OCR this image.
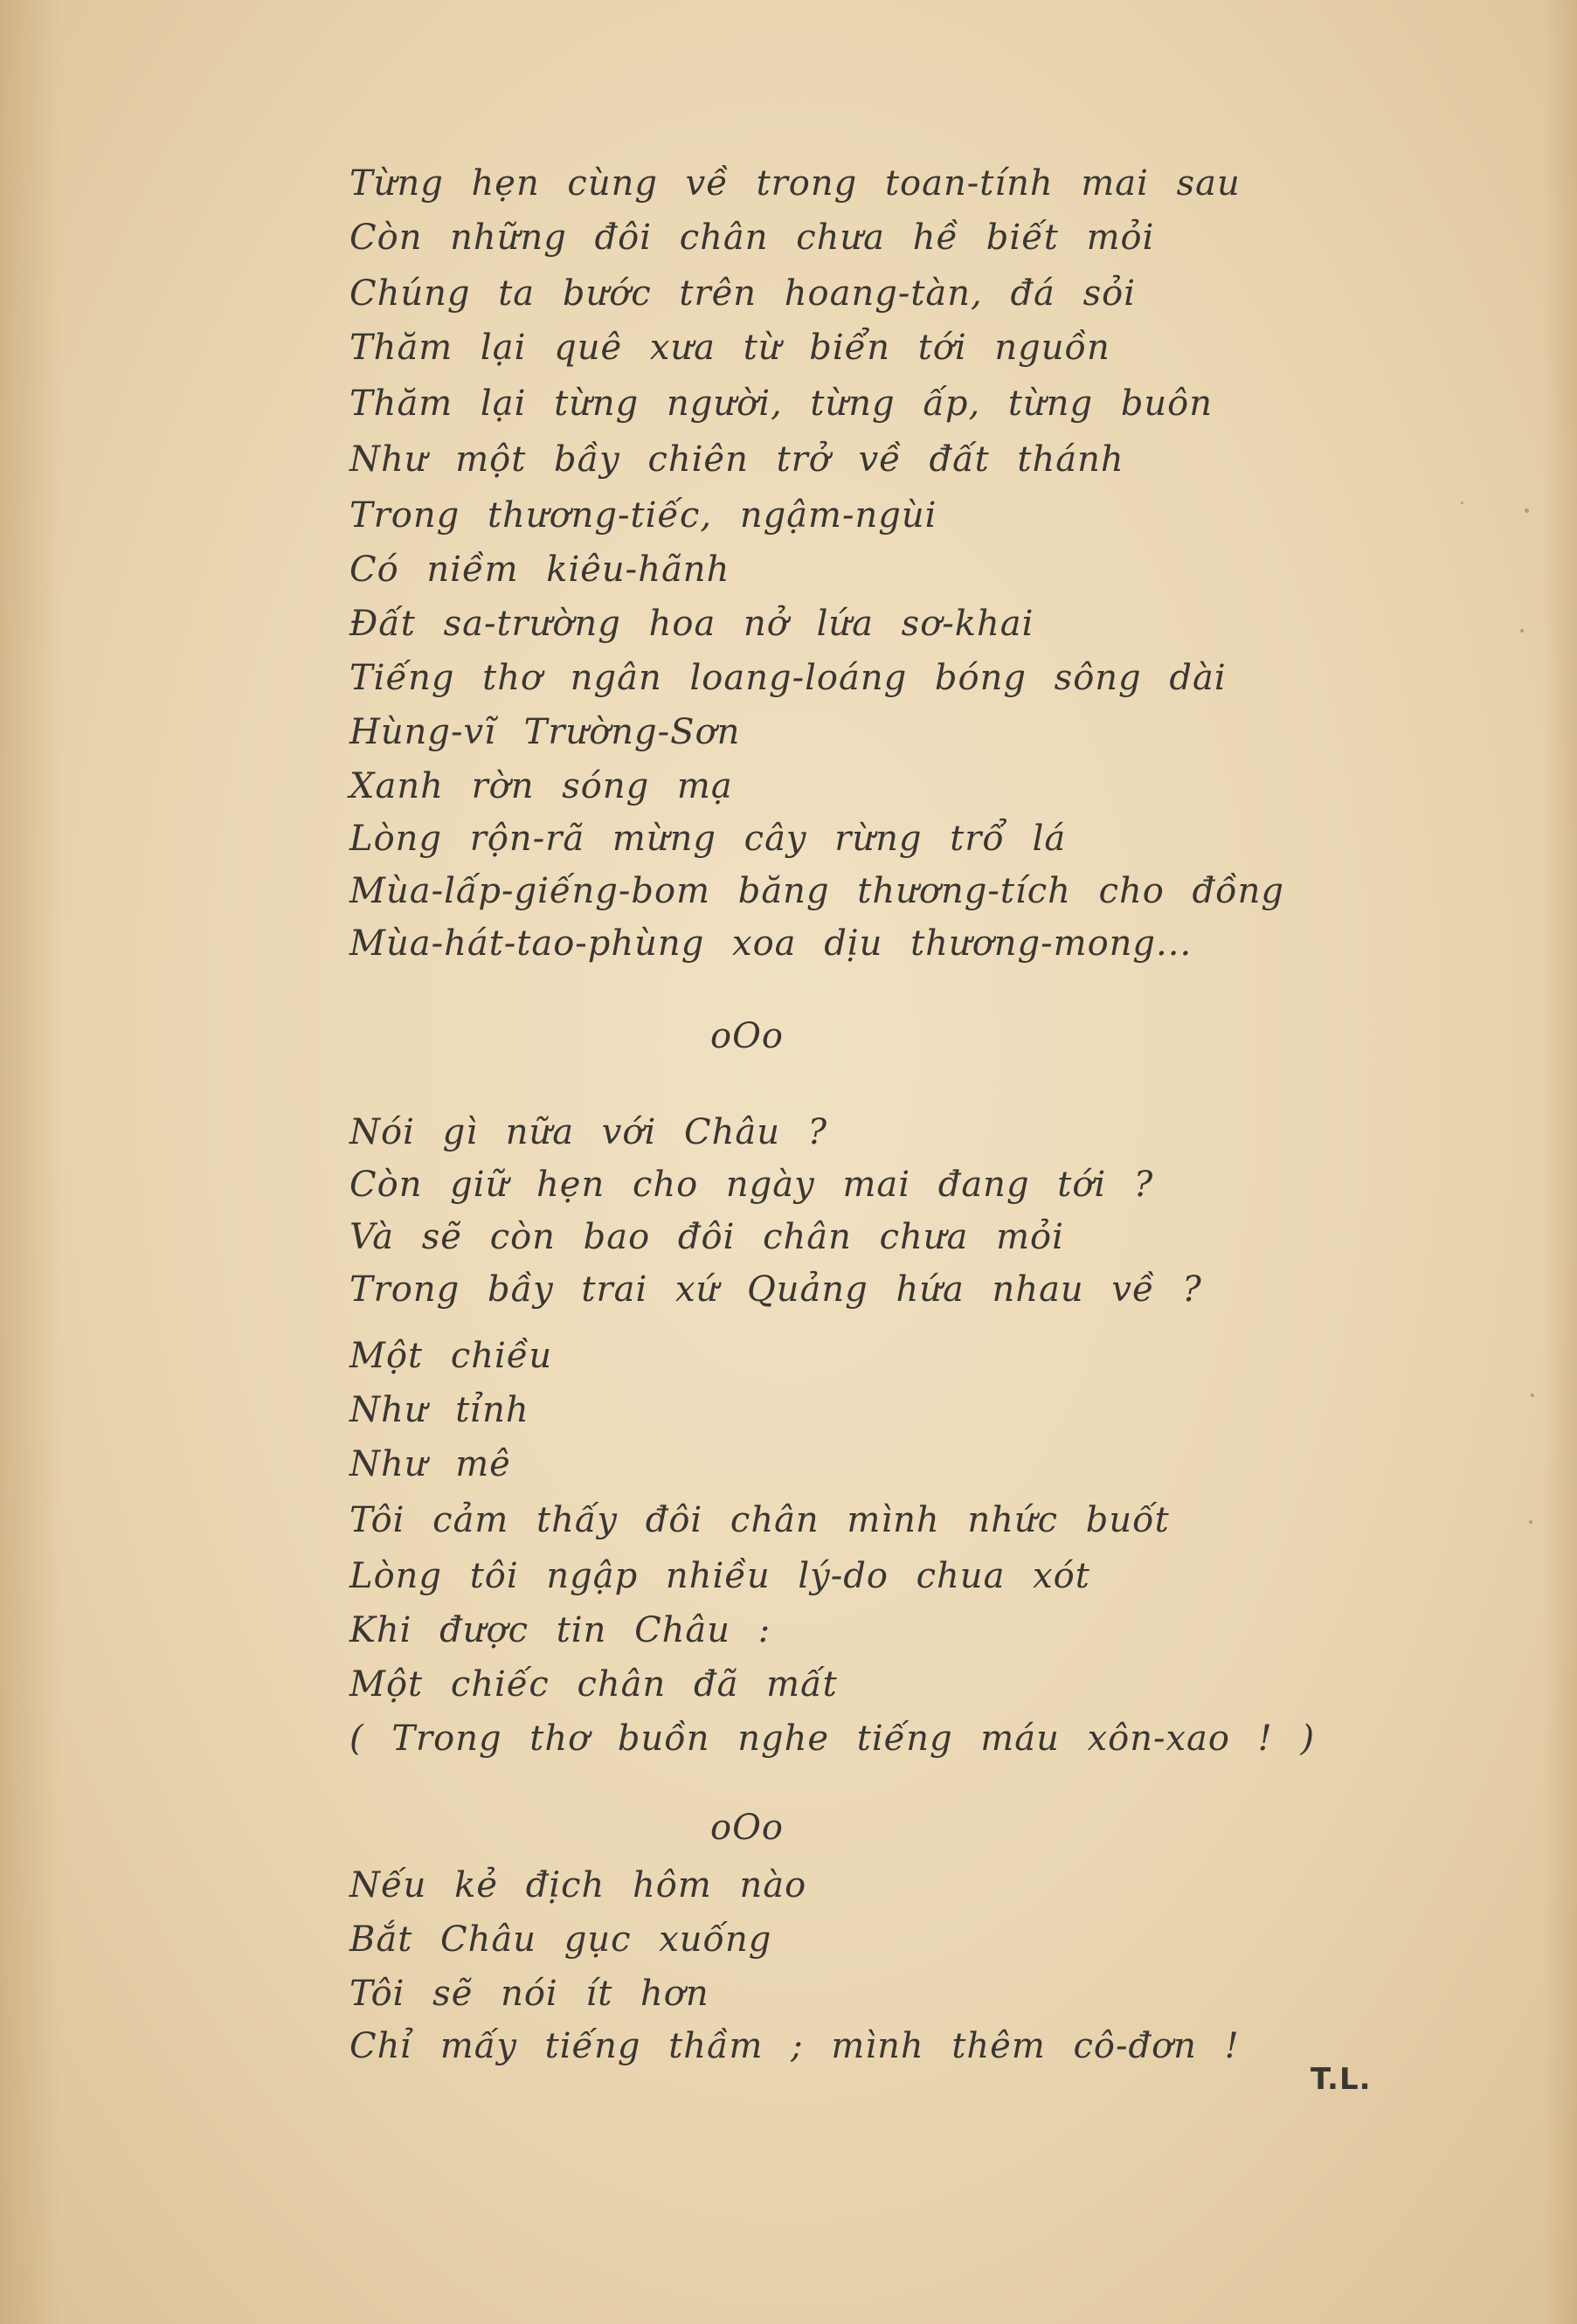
Từng hẹn cùng về trong toan-tính mai sau
Còn những đôi chân chưa hề biết mỏi
Chúng ta bước trên hoang-tàn, đá sỏi
Thăm lại quê xưa từ biển tới nguồn
Thăm lại từng người, từng ấp, từng buôn
Như một bầy chiên trở về đất thánh
Trong thương-tiếc, ngậm-ngùi
Có niềm kiêu-hãnh
Đất sa-trường hoa nở lứa sơ-khai
Tiếng thơ ngân loang-loáng bóng sông dài
Hùng-vĩ Trường-Sơn
Xanh rờn sóng mạ
Lòng rộn-rã mừng cây rừng trổ lá
Mùa-lấp-giếng-bom băng thương-tích cho đồng
Mùa-hát-tao-phùng xoa dịu thương-mong...
oOo
Nói gì nữa với Châu ?
Còn giữ hẹn cho ngày mai đang tới ?
Và sẽ còn bao đôi chân chưa mỏi
Trong bầy trai xứ Quảng hứa nhau về ?
Một chiều
Như tỉnh
Như mê
Tôi cảm thấy đôi chân mình nhức buốt
Lòng tôi ngập nhiều lý-do chua xót
Khi được tin Châu :
Một chiếc chân đã mất
( Trong thơ buồn nghe tiếng máu xôn-xao ! )
oOo
Nếu kẻ địch hôm nào
Bắt Châu gục xuống
Tôi sẽ nói ít hơn
Chỉ mấy tiếng thầm ; mình thêm cô-đơn !
T.L.
